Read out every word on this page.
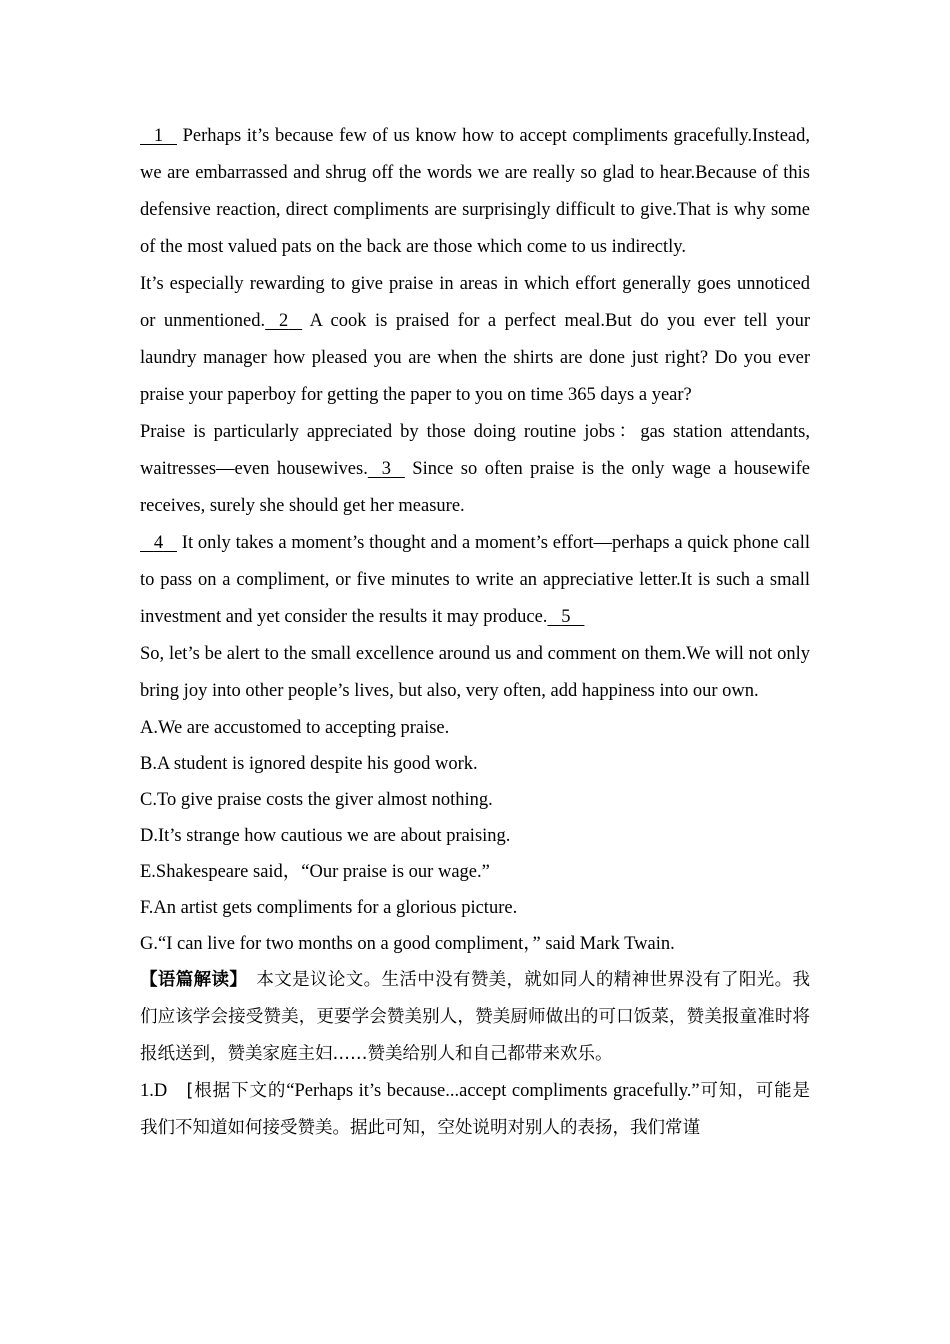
1    Perhaps it’s because few of us know how to accept compliments gracefully.Instead, we are embarrassed and shrug off the words we are really so glad to hear.Because of this defensive reaction, direct compliments are surprisingly difficult to give.That is why some of the most valued pats on the back are those which come to us indirectly.

It’s especially rewarding to give praise in areas in which effort generally goes unnoticed or unmentioned. 2    A cook is praised for a perfect meal.But do you ever tell your laundry manager how pleased you are when the shirts are done just right? Do you ever praise your paperboy for getting the paper to you on time 365 days a year?

Praise is particularly appreciated by those doing routine jobs：gas station attendants, waitresses—even housewives. 3    Since so often praise is the only wage a housewife receives, surely she should get her measure.

4    It only takes a moment’s thought and a moment’s effort—perhaps a quick phone call to pass on a compliment, or five minutes to write an appreciative letter.It is such a small investment and yet consider the results it may produce. 5

So, let’s be alert to the small excellence around us and comment on them.We will not only bring joy into other people’s lives, but also, very often, add happiness into our own.

A.We are accustomed to accepting praise.

B.A student is ignored despite his good work.

C.To give praise costs the giver almost nothing.

D.It’s strange how cautious we are about praising.

E.Shakespeare said，“Our praise is our wage.”

F.An artist gets compliments for a glorious picture.

G.“I can live for two months on a good compliment，” said Mark Twain.

【语篇解读】　本文是议论文。生活中没有赞美，就如同人的精神世界没有了阳光。我们应该学会接受赞美，更要学会赞美别人，赞美厨师做出的可口饭菜，赞美报童准时将报纸送到，赞美家庭主妇……赞美给别人和自己都带来欢乐。

1.D　[根据下文的“Perhaps it’s because...accept compliments gracefully.”可知，可能是我们不知道如何接受赞美。据此可知，空处说明对别人的表扬，我们常谨
